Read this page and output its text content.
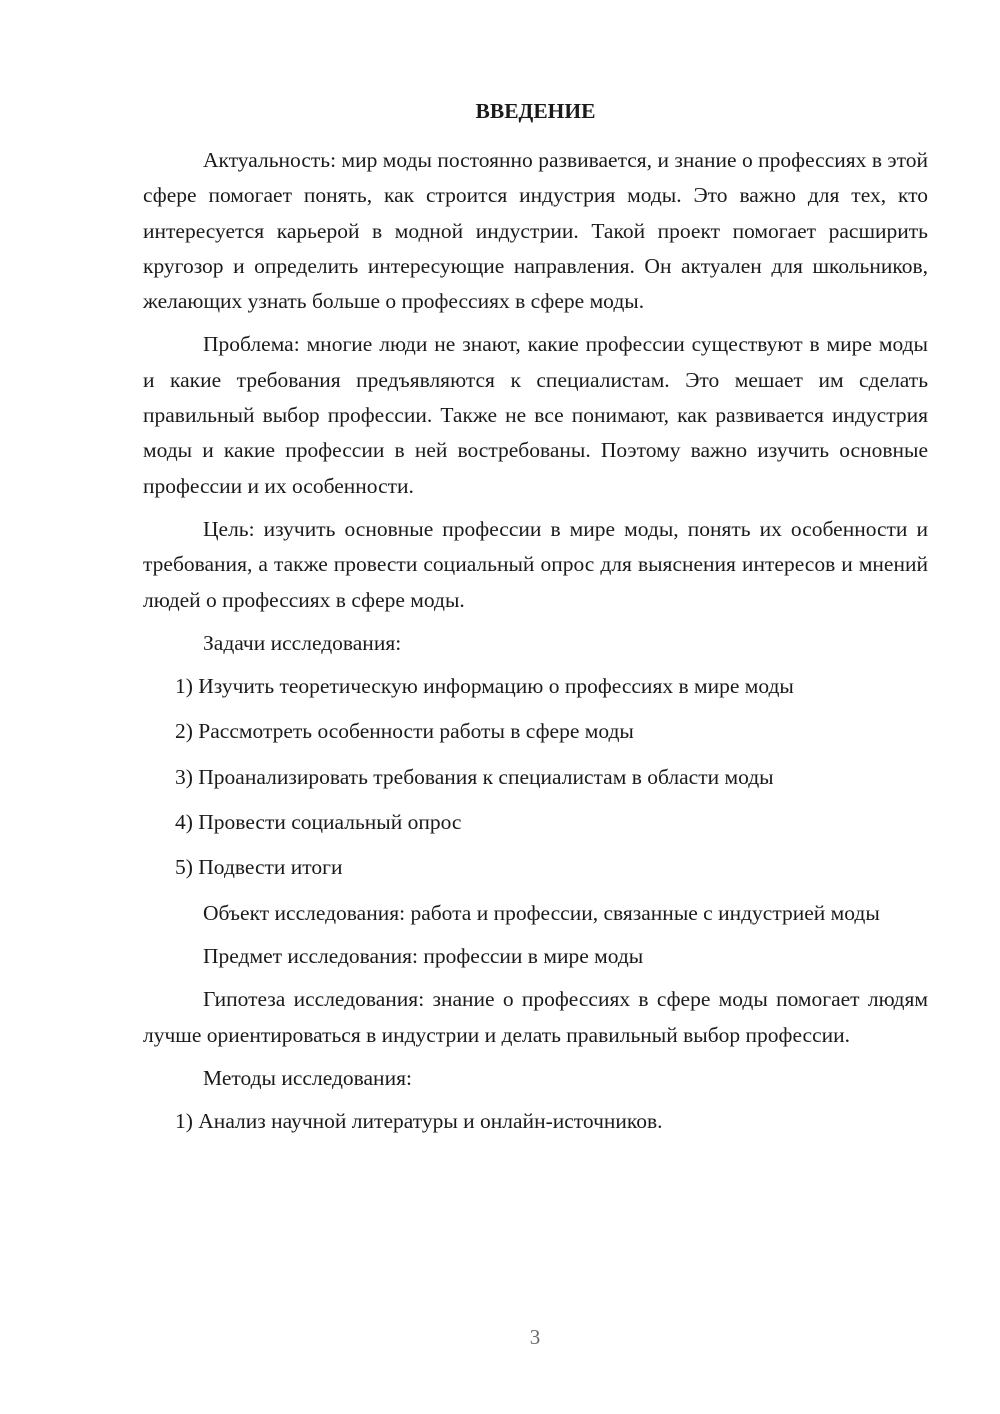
ВВЕДЕНИЕ

Актуальность: мир моды постоянно развивается, и знание о профессиях в этой сфере помогает понять, как строится индустрия моды. Это важно для тех, кто интересуется карьерой в модной индустрии. Такой проект помогает расширить кругозор и определить интересующие направления. Он актуален для школьников, желающих узнать больше о профессиях в сфере моды.

Проблема: многие люди не знают, какие профессии существуют в мире моды и какие требования предъявляются к специалистам. Это мешает им сделать правильный выбор профессии. Также не все понимают, как развивается индустрия моды и какие профессии в ней востребованы. Поэтому важно изучить основные профессии и их особенности.

Цель: изучить основные профессии в мире моды, понять их особенности и требования, а также провести социальный опрос для выяснения интересов и мнений людей о профессиях в сфере моды.

Задачи исследования:

1) Изучить теоретическую информацию о профессиях в мире моды
2) Рассмотреть особенности работы в сфере моды
3) Проанализировать требования к специалистам в области моды
4) Провести социальный опрос
5) Подвести итоги

Объект исследования: работа и профессии, связанные с индустрией моды

Предмет исследования: профессии в мире моды

Гипотеза исследования: знание о профессиях в сфере моды помогает людям лучше ориентироваться в индустрии и делать правильный выбор профессии.

Методы исследования:

1) Анализ научной литературы и онлайн-источников.
3
